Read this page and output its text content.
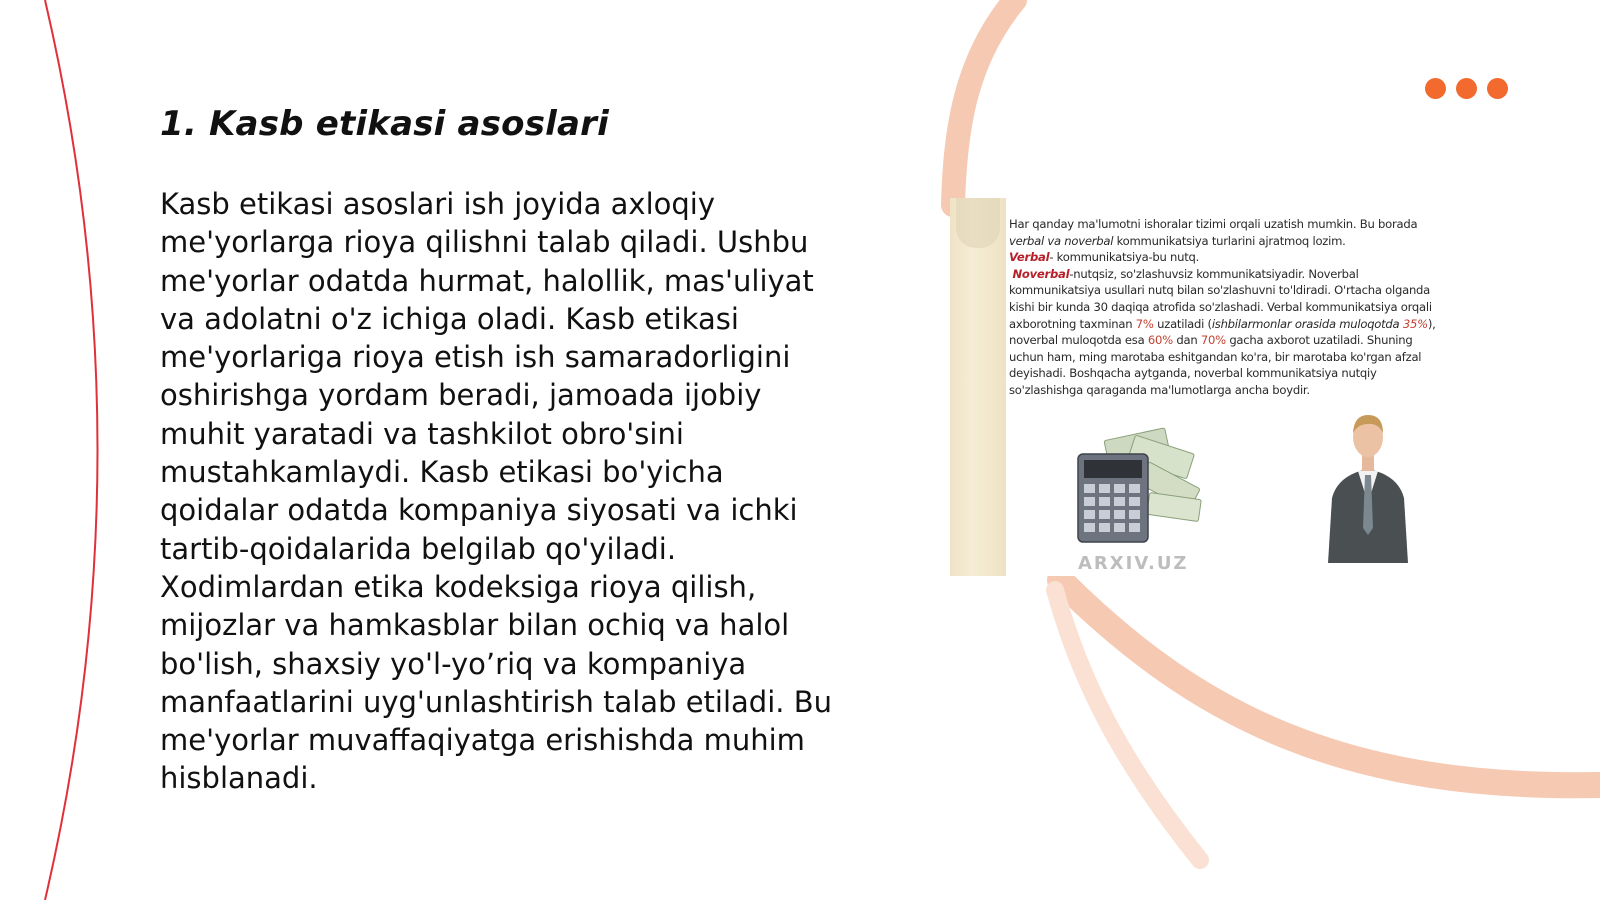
1. Kasb etikasi asoslari

Kasb etikasi asoslari ish joyida axloqiy me'yorlarga rioya qilishni talab qiladi. Ushbu me'yorlar odatda hurmat, halollik, mas'uliyat va adolatni o'z ichiga oladi. Kasb etikasi me'yorlariga rioya etish ish samaradorligini oshirishga yordam beradi, jamoada ijobiy muhit yaratadi va tashkilot obro'sini mustahkamlaydi. Kasb etikasi bo'yicha qoidalar odatda kompaniya siyosati va ichki tartib-qoidalarida belgilab qo'yiladi. Xodimlardan etika kodeksiga rioya qilish, mijozlar va hamkasblar bilan ochiq va halol bo'lish, shaxsiy yo'l-yo’riq va kompaniya manfaatlarini uyg'unlashtirish talab etiladi. Bu me'yorlar muvaffaqiyatga erishishda muhim hisblanadi.

Har qanday ma'lumotni ishoralar tizimi orqali uzatish mumkin. Bu borada
verbal va noverbal kommunikatsiya turlarini ajratmoq lozim.
Verbal- kommunikatsiya-bu nutq.
Noverbal-nutqsiz, so'zlashuvsiz kommunikatsiyadir. Noverbal
kommunikatsiya usullari nutq bilan so'zlashuvni to'ldiradi. O'rtacha olganda
kishi bir kunda 30 daqiqa atrofida so'zlashadi. Verbal kommunikatsiya orqali
axborotning taxminan 7% uzatiladi (ishbilarmonlar orasida muloqotda 35%),
noverbal muloqotda esa 60% dan 70% gacha axborot uzatiladi. Shuning
uchun ham, ming marotaba eshitgandan ko'ra, bir marotaba ko'rgan afzal
deyishadi. Boshqacha aytganda, noverbal kommunikatsiya nutqiy
so'zlashishga qaraganda ma'lumotlarga ancha boydir.
ARXIV.UZ
